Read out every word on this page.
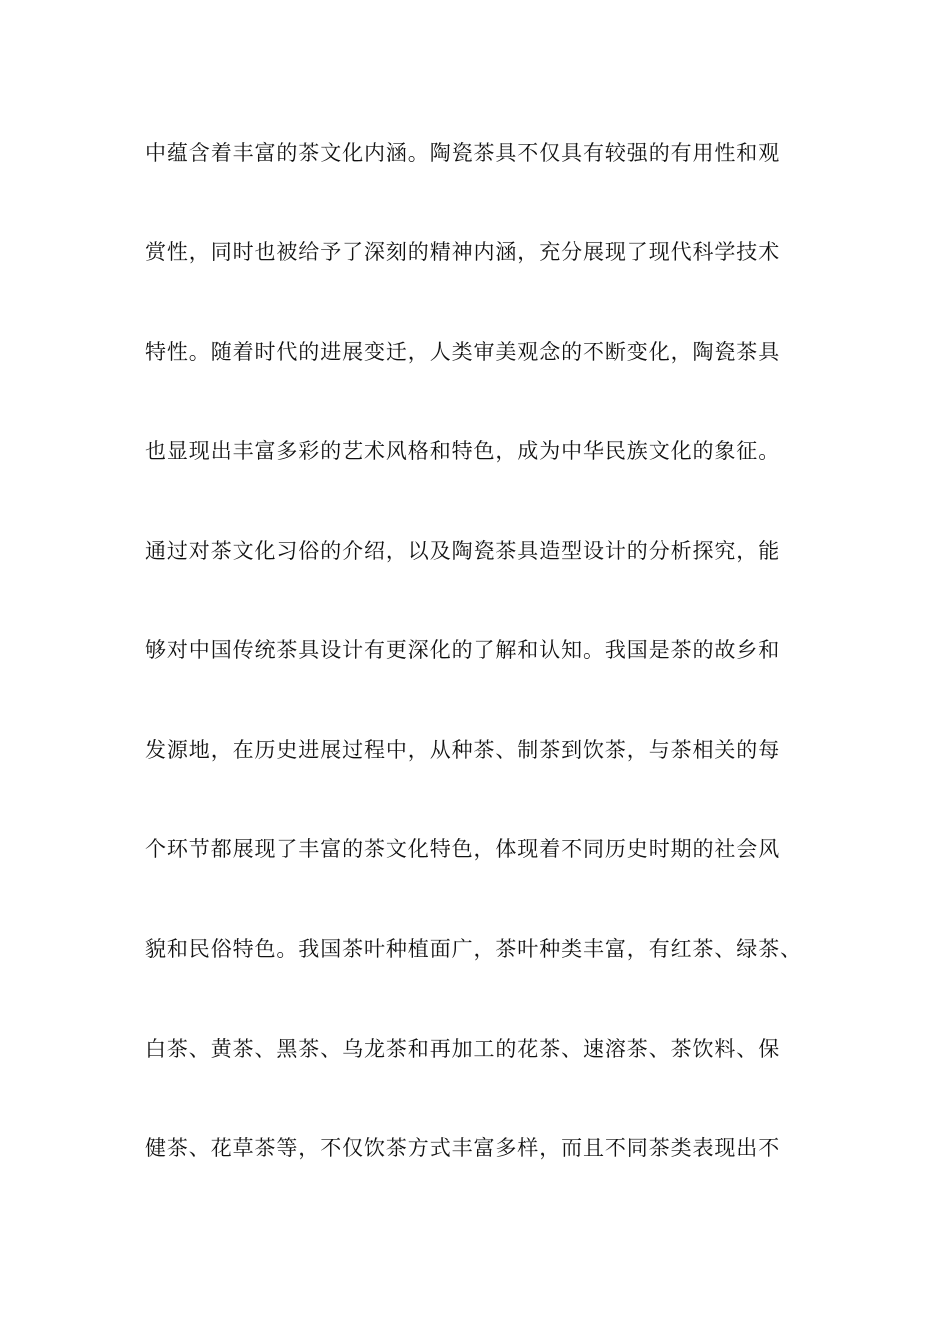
中蕴含着丰富的茶文化内涵。陶瓷茶具不仅具有较强的有用性和观
赏性，同时也被给予了深刻的精神内涵，充分展现了现代科学技术
特性。随着时代的进展变迁，人类审美观念的不断变化，陶瓷茶具
也显现出丰富多彩的艺术风格和特色，成为中华民族文化的象征。
通过对茶文化习俗的介绍，以及陶瓷茶具造型设计的分析探究，能
够对中国传统茶具设计有更深化的了解和认知。我国是茶的故乡和
发源地，在历史进展过程中，从种茶、制茶到饮茶，与茶相关的每
个环节都展现了丰富的茶文化特色，体现着不同历史时期的社会风
貌和民俗特色。我国茶叶种植面广，茶叶种类丰富，有红茶、绿茶、
白茶、黄茶、黑茶、乌龙茶和再加工的花茶、速溶茶、茶饮料、保
健茶、花草茶等，不仅饮茶方式丰富多样，而且不同茶类表现出不
